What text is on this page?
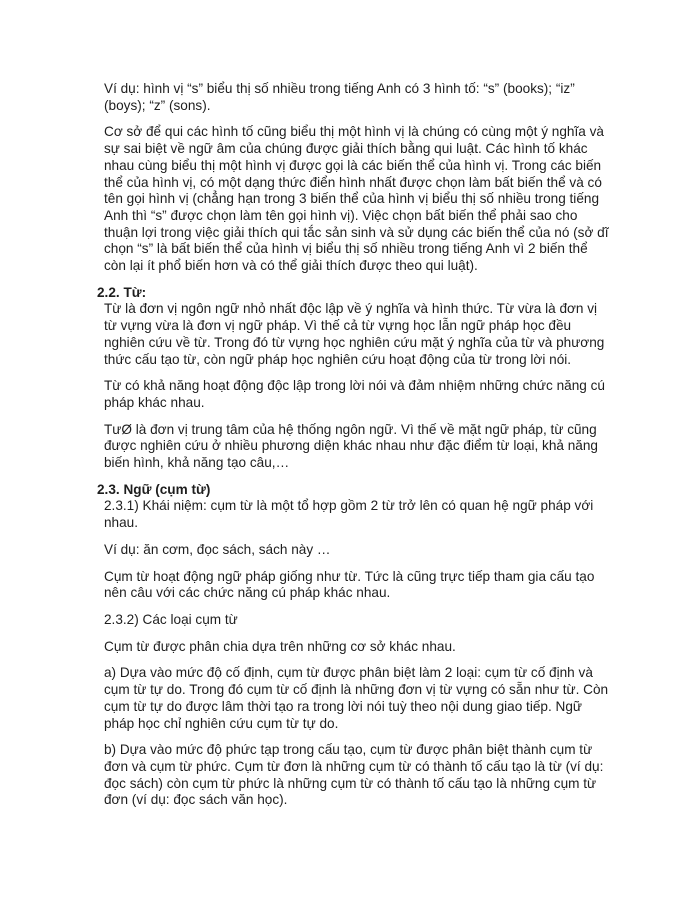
Ví dụ: hình vị “s” biểu thị số nhiều trong tiếng Anh có 3 hình tố: “s” (books); “iz” (boys); “z” (sons).

Cơ sở để qui các hình tố cũng biểu thị một hình vị là chúng có cùng một ý nghĩa và sự sai biệt về ngữ âm của chúng được giải thích bằng qui luật. Các hình tố khác nhau cùng biểu thị một hình vị được gọi là các biến thể của hình vị. Trong các biến thể của hình vị, có một dạng thức điển hình nhất được chọn làm bất biến thể và có tên gọi hình vị (chẳng hạn trong 3 biến thể của hình vị biểu thị số nhiều trong tiếng Anh thì “s” được chọn làm tên gọi hình vị). Việc chọn bất biến thể phải sao cho thuận lợi trong việc giải thích qui tắc sản sinh và sử dụng các biến thể của nó (sở dĩ chọn “s” là bất biến thể của hình vị biểu thị số nhiều trong tiếng Anh vì 2 biến thể còn lại ít phổ biến hơn và có thể giải thích được theo qui luật).

2.2. Từ:

Từ là đơn vị ngôn ngữ nhỏ nhất độc lập về ý nghĩa và hình thức. Từ vừa là đơn vị từ vựng vừa là đơn vị ngữ pháp. Vì thế cả từ vựng học lẫn ngữ pháp học đều nghiên cứu về từ. Trong đó từ vựng học nghiên cứu mặt ý nghĩa của từ và phương thức cấu tạo từ, còn ngữ pháp học nghiên cứu hoạt động của từ trong lời nói.

Từ có khả năng hoạt động độc lập trong lời nói và đảm nhiệm những chức năng cú pháp khác nhau.

TưØ là đơn vị trung tâm của hệ thống ngôn ngữ. Vì thế về mặt ngữ pháp, từ cũng được nghiên cứu ở nhiều phương diện khác nhau như đặc điểm từ loại, khả năng biến hình, khả năng tạo câu,…

2.3. Ngữ (cụm từ)

2.3.1) Khái niệm: cụm từ là một tổ hợp gồm 2 từ trở lên có quan hệ ngữ pháp với nhau.

Ví dụ: ăn cơm, đọc sách, sách này …

Cụm từ hoạt động ngữ pháp giống như từ. Tức là cũng trực tiếp tham gia cấu tạo nên câu với các chức năng cú pháp khác nhau.

2.3.2) Các loại cụm từ

Cụm từ được phân chia dựa trên những cơ sở khác nhau.

a) Dựa vào mức độ cố định, cụm từ được phân biệt làm 2 loại: cụm từ cố định và cụm từ tự do. Trong đó cụm từ cố định là những đơn vị từ vựng có sẵn như từ. Còn cụm từ tự do được lâm thời tạo ra trong lời nói tuỳ theo nội dung giao tiếp. Ngữ pháp học chỉ nghiên cứu cụm từ tự do.

b) Dựa vào mức độ phức tạp trong cấu tạo, cụm từ được phân biệt thành cụm từ đơn và cụm từ phức. Cụm từ đơn là những cụm từ có thành tố cấu tạo là từ (ví dụ: đọc sách) còn cụm từ phức là những cụm từ có thành tố cấu tạo là những cụm từ đơn (ví dụ: đọc sách văn học).
